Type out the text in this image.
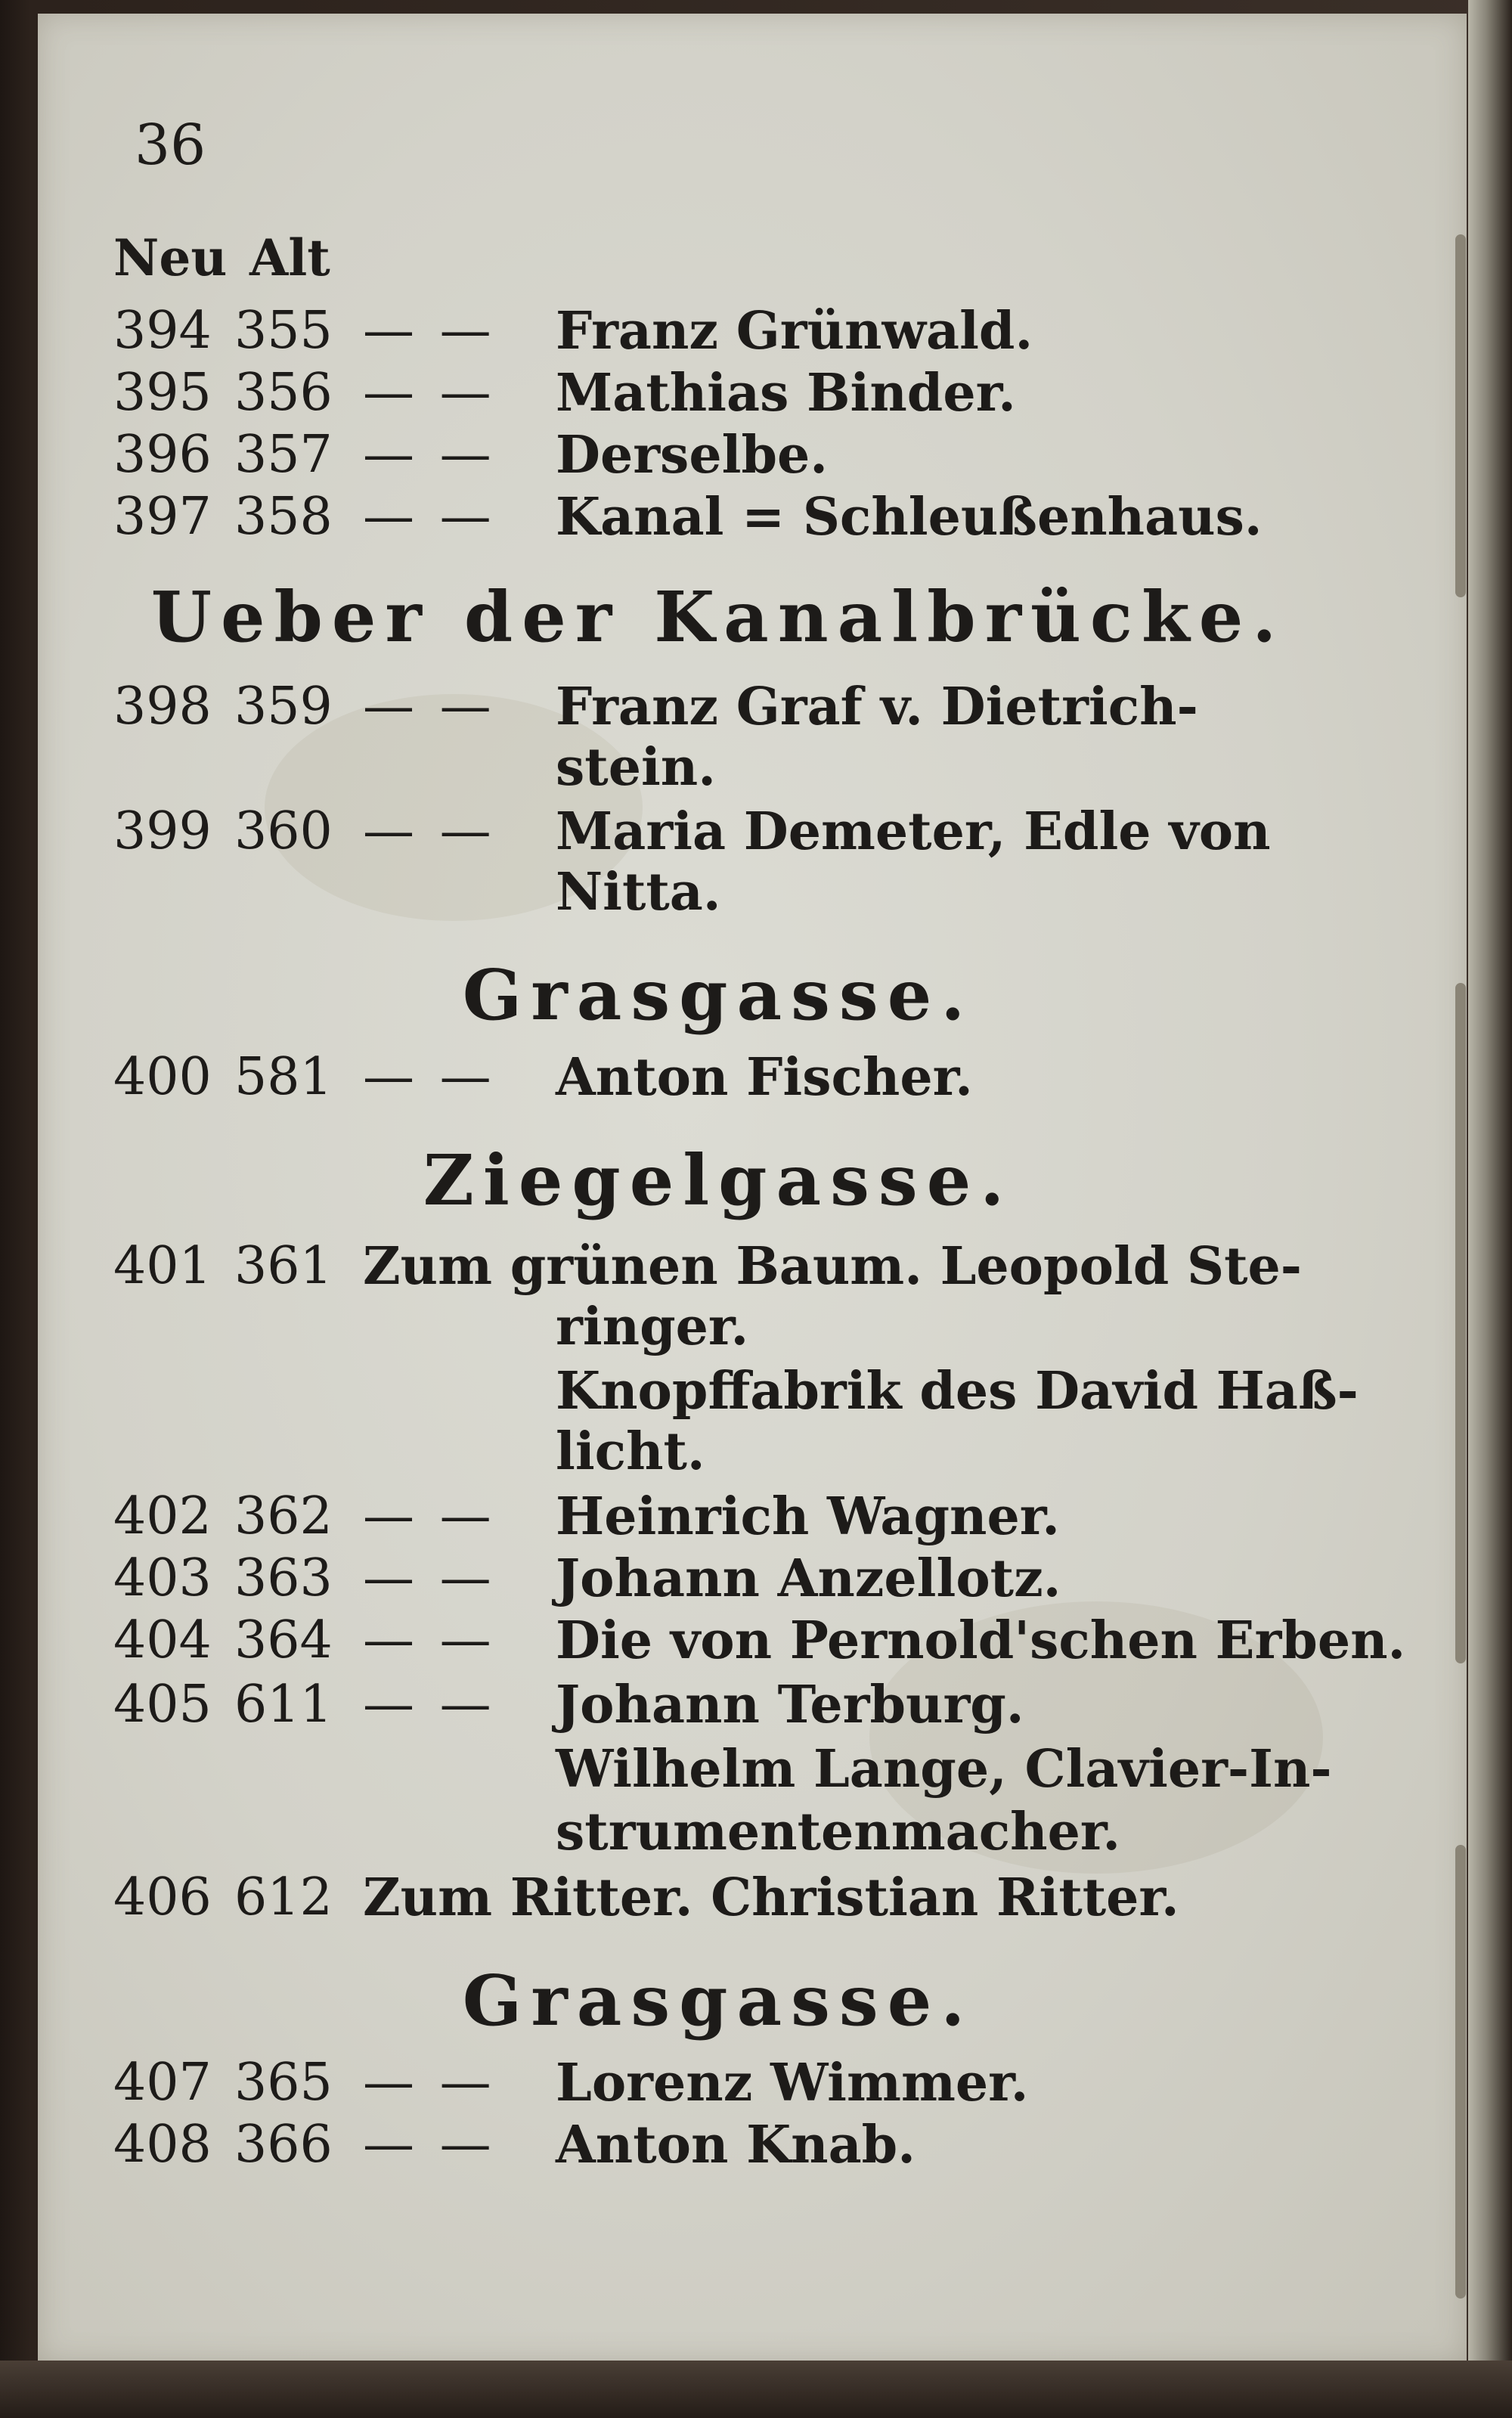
36
Neu Alt
394 355 — —	Franz Grünwald.
395 356 — —	Mathias Binder.
396 357 — —	Derselbe.
397 358 — —	Kanal = Schleußenhaus.
Ueber der Kanalbrücke.
398 359 — —	Franz Graf v. Dietrich-
stein.
399 360 — —	Maria Demeter, Edle von
Nitta.
Grasgasse.
400 581 — —	Anton Fischer.
Ziegelgasse.
401 361 Zum grünen Baum. Leopold Ste-
ringer.
Knopffabrik des David Haß-
licht.
402 362 — —	Heinrich Wagner.
403 363 — —	Johann Anzellotz.
404 364 — —	Die von Pernold'schen Erben.
405 611 — —	Johann Terburg.
Wilhelm Lange, Clavier-In-
strumentenmacher.
406 612 Zum Ritter. Christian Ritter.
Grasgasse.
407 365 — —	Lorenz Wimmer.
408 366 — —	Anton Knab.
